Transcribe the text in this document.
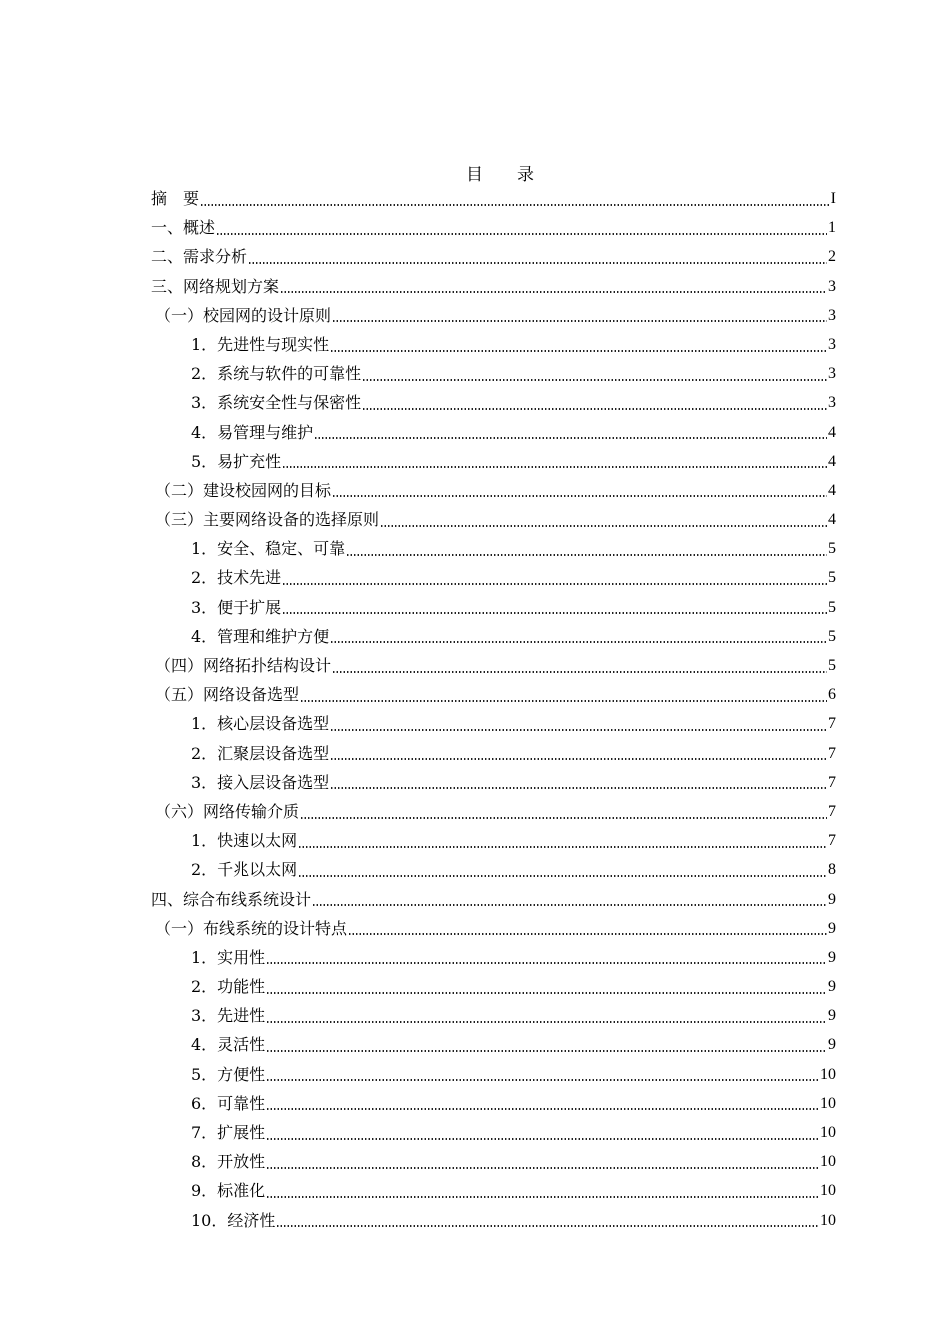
目　　录
摘　要	I
一、概述	1
二、需求分析	2
三、网络规划方案	3
（一）校园网的设计原则	3
1．先进性与现实性	3
2．系统与软件的可靠性	3
3．系统安全性与保密性	3
4．易管理与维护	4
5．易扩充性	4
（二）建设校园网的目标	4
（三）主要网络设备的选择原则	4
1．安全、稳定、可靠	5
2．技术先进	5
3．便于扩展	5
4．管理和维护方便	5
（四）网络拓扑结构设计	5
（五）网络设备选型	6
1．核心层设备选型	7
2．汇聚层设备选型	7
3．接入层设备选型	7
（六）网络传输介质	7
1．快速以太网	7
2．千兆以太网	8
四、综合布线系统设计	9
（一）布线系统的设计特点	9
1．实用性	9
2．功能性	9
3．先进性	9
4．灵活性	9
5．方便性	10
6．可靠性	10
7．扩展性	10
8．开放性	10
9．标准化	10
10．经济性	10
